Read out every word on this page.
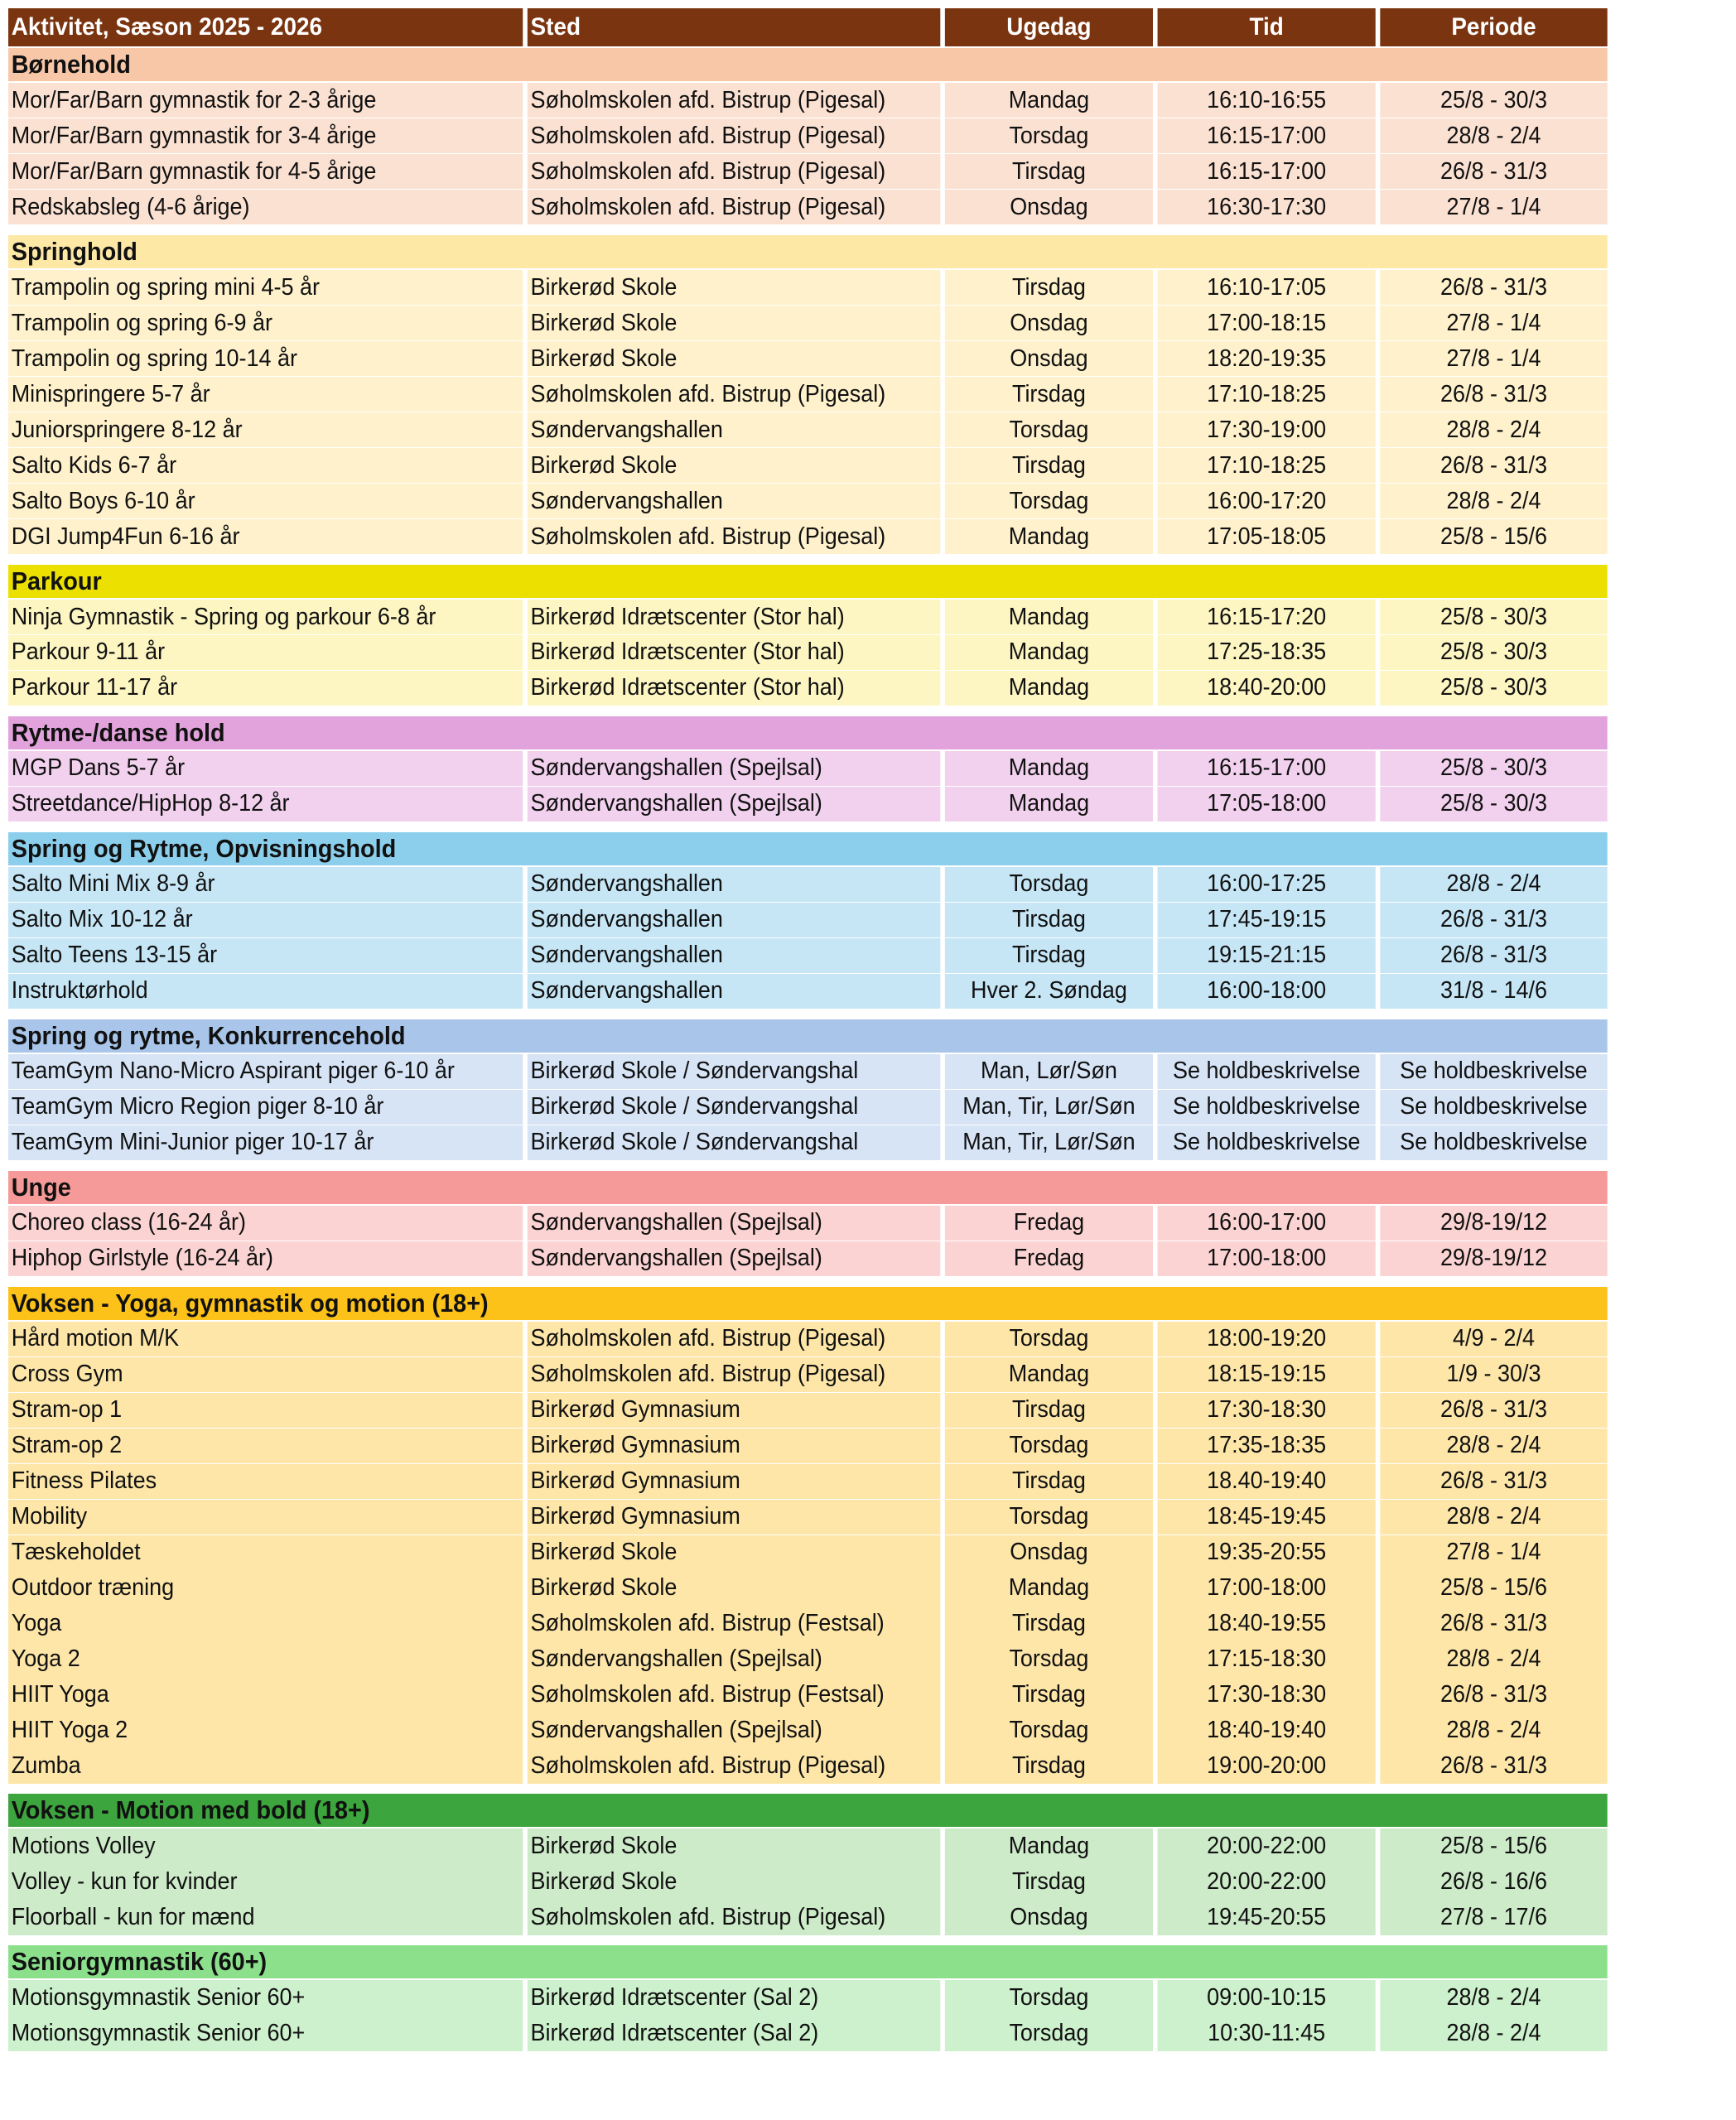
Aktivitet, Sæson 2025 - 2026	Sted	Ugedag	Tid	Periode
Børnehold
Mor/Far/Barn gymnastik for 2-3 årige	Søholmskolen afd. Bistrup (Pigesal)	Mandag	16:10-16:55	25/8 - 30/3
Mor/Far/Barn gymnastik for 3-4 årige	Søholmskolen afd. Bistrup (Pigesal)	Torsdag	16:15-17:00	28/8 - 2/4
Mor/Far/Barn gymnastik for 4-5 årige	Søholmskolen afd. Bistrup (Pigesal)	Tirsdag	16:15-17:00	26/8 - 31/3
Redskabsleg (4-6 årige)	Søholmskolen afd. Bistrup (Pigesal)	Onsdag	16:30-17:30	27/8 - 1/4
Springhold
Trampolin og spring mini 4-5 år	Birkerød Skole	Tirsdag	16:10-17:05	26/8 - 31/3
Trampolin og spring 6-9 år	Birkerød Skole	Onsdag	17:00-18:15	27/8 - 1/4
Trampolin og spring 10-14 år	Birkerød Skole	Onsdag	18:20-19:35	27/8 - 1/4
Minispringere 5-7 år	Søholmskolen afd. Bistrup (Pigesal)	Tirsdag	17:10-18:25	26/8 - 31/3
Juniorspringere 8-12 år	Søndervangshallen	Torsdag	17:30-19:00	28/8 - 2/4
Salto Kids 6-7 år	Birkerød Skole	Tirsdag	17:10-18:25	26/8 - 31/3
Salto Boys 6-10 år	Søndervangshallen	Torsdag	16:00-17:20	28/8 - 2/4
DGI Jump4Fun 6-16 år	Søholmskolen afd. Bistrup (Pigesal)	Mandag	17:05-18:05	25/8 - 15/6
Parkour
Ninja Gymnastik - Spring og parkour 6-8 år	Birkerød Idrætscenter (Stor hal)	Mandag	16:15-17:20	25/8 - 30/3
Parkour 9-11 år	Birkerød Idrætscenter (Stor hal)	Mandag	17:25-18:35	25/8 - 30/3
Parkour 11-17 år	Birkerød Idrætscenter (Stor hal)	Mandag	18:40-20:00	25/8 - 30/3
Rytme-/danse hold
MGP Dans 5-7 år	Søndervangshallen (Spejlsal)	Mandag	16:15-17:00	25/8 - 30/3
Streetdance/HipHop 8-12 år	Søndervangshallen (Spejlsal)	Mandag	17:05-18:00	25/8 - 30/3
Spring og Rytme, Opvisningshold
Salto Mini Mix 8-9 år	Søndervangshallen	Torsdag	16:00-17:25	28/8 - 2/4
Salto Mix 10-12 år	Søndervangshallen	Tirsdag	17:45-19:15	26/8 - 31/3
Salto Teens 13-15 år	Søndervangshallen	Tirsdag	19:15-21:15	26/8 - 31/3
Instruktørhold	Søndervangshallen	Hver 2. Søndag	16:00-18:00	31/8 - 14/6
Spring og rytme, Konkurrencehold
TeamGym Nano-Micro Aspirant piger 6-10 år	Birkerød Skole / Søndervangshal	Man, Lør/Søn	Se holdbeskrivelse	Se holdbeskrivelse
TeamGym Micro Region piger 8-10 år	Birkerød Skole / Søndervangshal	Man, Tir, Lør/Søn	Se holdbeskrivelse	Se holdbeskrivelse
TeamGym Mini-Junior piger 10-17 år	Birkerød Skole / Søndervangshal	Man, Tir, Lør/Søn	Se holdbeskrivelse	Se holdbeskrivelse
Unge
Choreo class (16-24 år)	Søndervangshallen (Spejlsal)	Fredag	16:00-17:00	29/8-19/12
Hiphop Girlstyle (16-24 år)	Søndervangshallen (Spejlsal)	Fredag	17:00-18:00	29/8-19/12
Voksen - Yoga, gymnastik og motion (18+)
Hård motion M/K	Søholmskolen afd. Bistrup (Pigesal)	Torsdag	18:00-19:20	4/9 - 2/4
Cross Gym	Søholmskolen afd. Bistrup (Pigesal)	Mandag	18:15-19:15	1/9 - 30/3
Stram-op 1	Birkerød Gymnasium	Tirsdag	17:30-18:30	26/8 - 31/3
Stram-op 2	Birkerød Gymnasium	Torsdag	17:35-18:35	28/8 - 2/4
Fitness Pilates	Birkerød Gymnasium	Tirsdag	18.40-19:40	26/8 - 31/3
Mobility	Birkerød Gymnasium	Torsdag	18:45-19:45	28/8 - 2/4
Tæskeholdet	Birkerød Skole	Onsdag	19:35-20:55	27/8 - 1/4
Outdoor træning	Birkerød Skole	Mandag	17:00-18:00	25/8 - 15/6
Yoga	Søholmskolen afd. Bistrup (Festsal)	Tirsdag	18:40-19:55	26/8 - 31/3
Yoga 2	Søndervangshallen (Spejlsal)	Torsdag	17:15-18:30	28/8 - 2/4
HIIT Yoga	Søholmskolen afd. Bistrup (Festsal)	Tirsdag	17:30-18:30	26/8 - 31/3
HIIT Yoga 2	Søndervangshallen (Spejlsal)	Torsdag	18:40-19:40	28/8 - 2/4
Zumba	Søholmskolen afd. Bistrup (Pigesal)	Tirsdag	19:00-20:00	26/8 - 31/3
Voksen - Motion med bold (18+)
Motions Volley	Birkerød Skole	Mandag	20:00-22:00	25/8 - 15/6
Volley - kun for kvinder	Birkerød Skole	Tirsdag	20:00-22:00	26/8 - 16/6
Floorball - kun for mænd	Søholmskolen afd. Bistrup (Pigesal)	Onsdag	19:45-20:55	27/8 - 17/6
Seniorgymnastik (60+)
Motionsgymnastik Senior 60+	Birkerød Idrætscenter (Sal 2)	Torsdag	09:00-10:15	28/8 - 2/4
Motionsgymnastik Senior 60+	Birkerød Idrætscenter (Sal 2)	Torsdag	10:30-11:45	28/8 - 2/4
